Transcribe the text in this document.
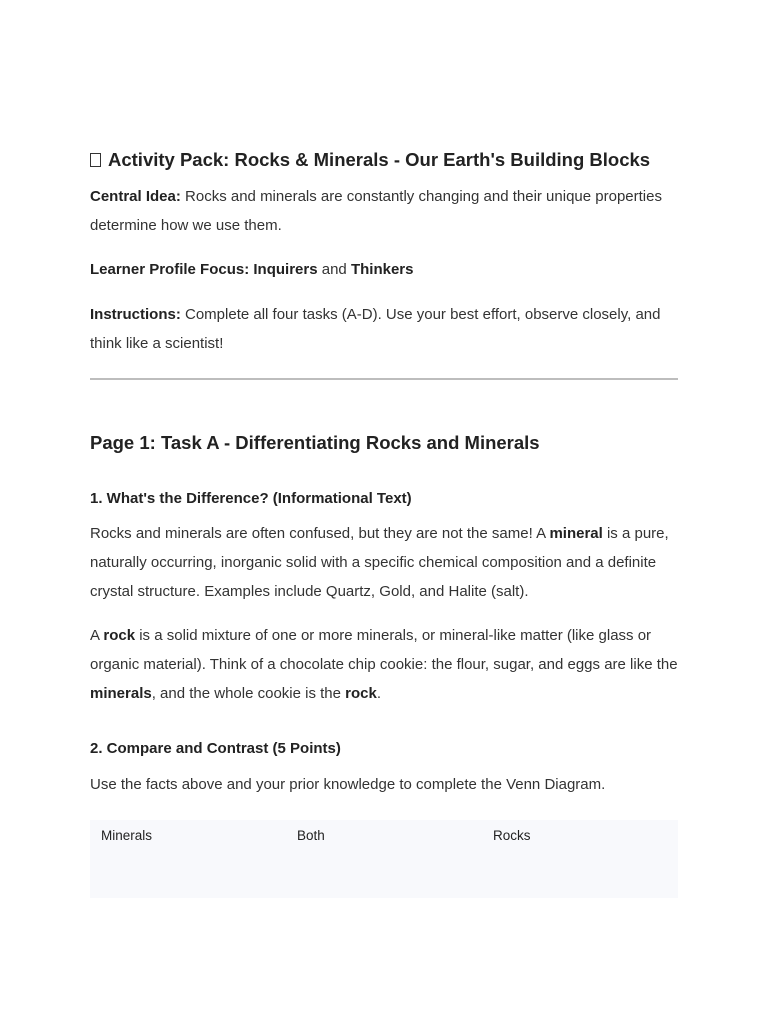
Activity Pack: Rocks & Minerals - Our Earth's Building Blocks

Central Idea: Rocks and minerals are constantly changing and their unique properties determine how we use them.

Learner Profile Focus: Inquirers and Thinkers

Instructions: Complete all four tasks (A-D). Use your best effort, observe closely, and think like a scientist!

Page 1: Task A - Differentiating Rocks and Minerals
1. What's the Difference? (Informational Text)

Rocks and minerals are often confused, but they are not the same! A mineral is a pure, naturally occurring, inorganic solid with a specific chemical composition and a definite crystal structure. Examples include Quartz, Gold, and Halite (salt).

A rock is a solid mixture of one or more minerals, or mineral-like matter (like glass or organic material). Think of a chocolate chip cookie: the flour, sugar, and eggs are like the minerals, and the whole cookie is the rock.

2. Compare and Contrast (5 Points)

Use the facts above and your prior knowledge to complete the Venn Diagram.

Minerals	Both	Rocks
